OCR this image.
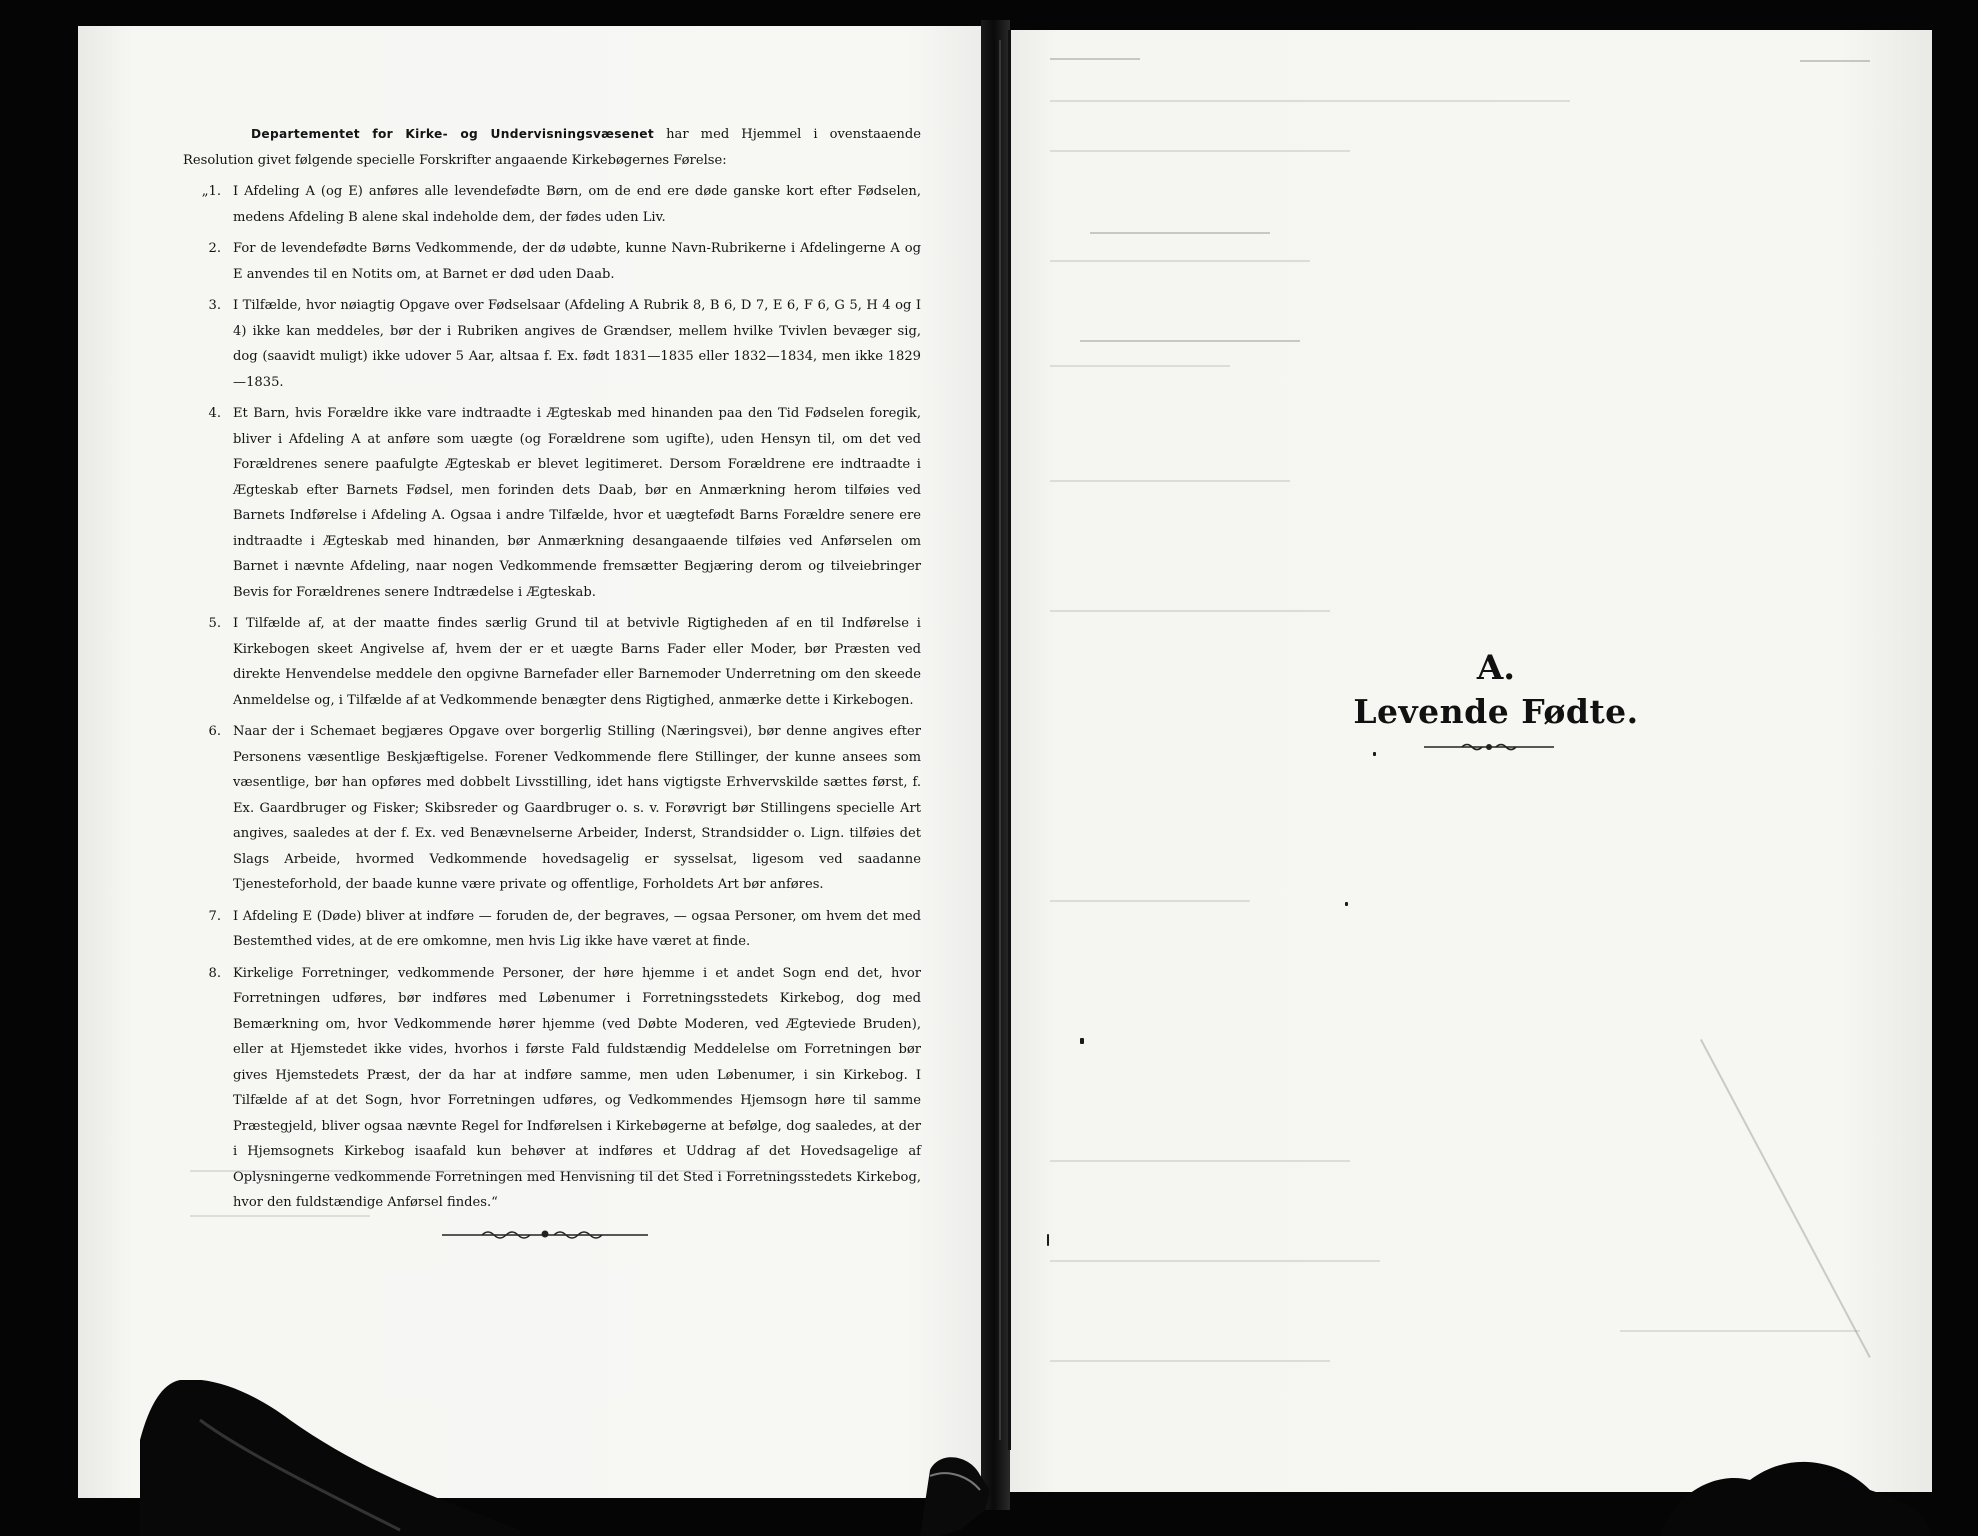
Departementet for Kirke- og Undervisningsvæsenet har med Hjemmel i ovenstaaende Resolution givet følgende specielle Forskrifter angaaende Kirkebøgernes Førelse:

„1. I Afdeling A (og E) anføres alle levendefødte Børn, om de end ere døde ganske kort efter Fødselen, medens Afdeling B alene skal indeholde dem, der fødes uden Liv.
2. For de levendefødte Børns Vedkommende, der dø udøbte, kunne Navn-Rubrikerne i Afdelingerne A og E anvendes til en Notits om, at Barnet er død uden Daab.
3. I Tilfælde, hvor nøiagtig Opgave over Fødselsaar (Afdeling A Rubrik 8, B 6, D 7, E 6, F 6, G 5, H 4 og I 4) ikke kan meddeles, bør der i Rubriken angives de Grændser, mellem hvilke Tvivlen bevæger sig, dog (saavidt muligt) ikke udover 5 Aar, altsaa f. Ex. født 1831—1835 eller 1832—1834, men ikke 1829—1835.
4. Et Barn, hvis Forældre ikke vare indtraadte i Ægteskab med hinanden paa den Tid Fødselen foregik, bliver i Afdeling A at anføre som uægte (og Forældrene som ugifte), uden Hensyn til, om det ved Forældrenes senere paafulgte Ægteskab er blevet legitimeret. Dersom Forældrene ere indtraadte i Ægteskab efter Barnets Fødsel, men forinden dets Daab, bør en Anmærkning herom tilføies ved Barnets Indførelse i Afdeling A. Ogsaa i andre Tilfælde, hvor et uægtefødt Barns Forældre senere ere indtraadte i Ægteskab med hinanden, bør Anmærkning desangaaende tilføies ved Anførselen om Barnet i nævnte Afdeling, naar nogen Vedkommende fremsætter Begjæring derom og tilveiebringer Bevis for Forældrenes senere Indtrædelse i Ægteskab.
5. I Tilfælde af, at der maatte findes særlig Grund til at betvivle Rigtigheden af en til Indførelse i Kirkebogen skeet Angivelse af, hvem der er et uægte Barns Fader eller Moder, bør Præsten ved direkte Henvendelse meddele den opgivne Barnefader eller Barnemoder Underretning om den skeede Anmeldelse og, i Tilfælde af at Vedkommende benægter dens Rigtighed, anmærke dette i Kirkebogen.
6. Naar der i Schemaet begjæres Opgave over borgerlig Stilling (Næringsvei), bør denne angives efter Personens væsentlige Beskjæftigelse. Forener Vedkommende flere Stillinger, der kunne ansees som væsentlige, bør han opføres med dobbelt Livsstilling, idet hans vigtigste Erhvervskilde sættes først, f. Ex. Gaardbruger og Fisker; Skibsreder og Gaardbruger o. s. v. Forøvrigt bør Stillingens specielle Art angives, saaledes at der f. Ex. ved Benævnelserne Arbeider, Inderst, Strandsidder o. Lign. tilføies det Slags Arbeide, hvormed Vedkommende hovedsagelig er sysselsat, ligesom ved saadanne Tjenesteforhold, der baade kunne være private og offentlige, Forholdets Art bør anføres.
7. I Afdeling E (Døde) bliver at indføre — foruden de, der begraves, — ogsaa Personer, om hvem det med Bestemthed vides, at de ere omkomne, men hvis Lig ikke have været at finde.
8. Kirkelige Forretninger, vedkommende Personer, der høre hjemme i et andet Sogn end det, hvor Forretningen udføres, bør indføres med Løbenumer i Forretningsstedets Kirkebog, dog med Bemærkning om, hvor Vedkommende hører hjemme (ved Døbte Moderen, ved Ægteviede Bruden), eller at Hjemstedet ikke vides, hvorhos i første Fald fuldstændig Meddelelse om Forretningen bør gives Hjemstedets Præst, der da har at indføre samme, men uden Løbenumer, i sin Kirkebog. I Tilfælde af at det Sogn, hvor Forretningen udføres, og Vedkommendes Hjemsogn høre til samme Præstegjeld, bliver ogsaa nævnte Regel for Indførelsen i Kirkebøgerne at befølge, dog saaledes, at der i Hjemsognets Kirkebog isaafald kun behøver at indføres et Uddrag af det Hovedsagelige af Oplysningerne vedkommende Forretningen med Henvisning til det Sted i Forretningsstedets Kirkebog, hvor den fuldstændige Anførsel findes.“
A.
Levende Fødte.
